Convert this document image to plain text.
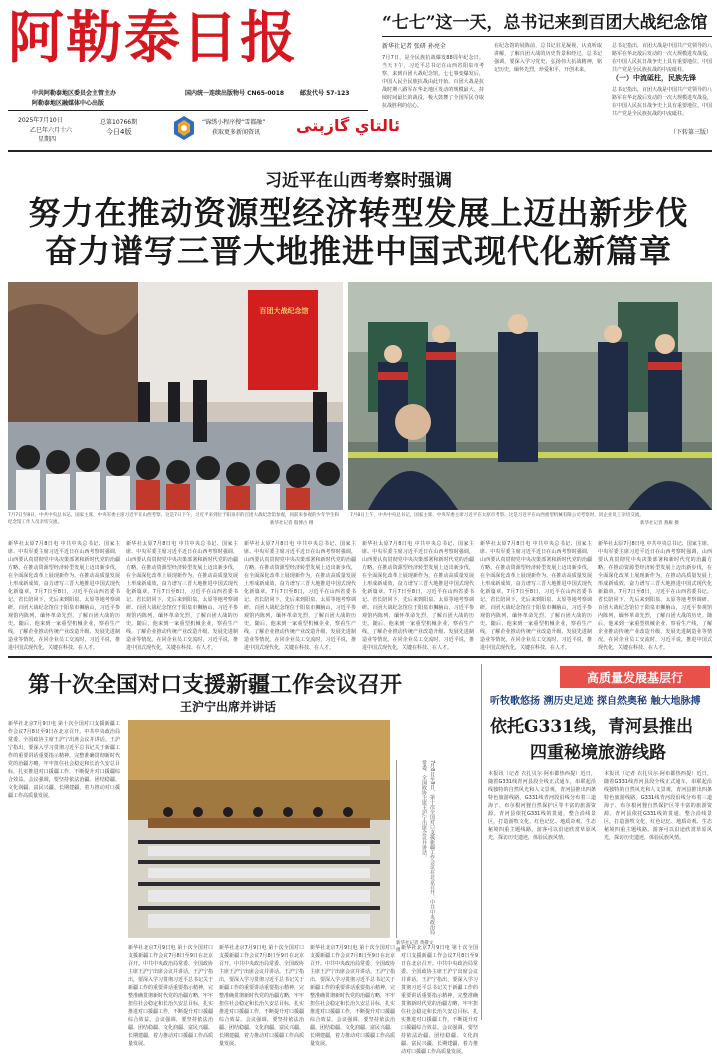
阿勒泰日报
中共阿勒泰地区委员会主管主办
阿勒泰地区融媒体中心出版
国内统一连续出版物号 CN65-0018	邮发代号 57-123
2025年7月10日
乙巳年六月十六
星期四
总第10766期
今日4版
“锦绣小程序搜“雪都融”
获取更多新闻资讯 ئالتاي گازېتى
“七七”这一天，总书记来到百团大战纪念馆
新华社记者 张研 孙亮全
7月7日，是全民族抗战爆发88周年纪念日。当天下午，习近平总书记在山西省阳泉市考察，来到百团大战纪念馆。七七事变爆发后，中国人民全民族抗战由此开始。百团大战是抗战时期八路军在华北地区发动的规模最大、持续时间最长的战役，极大鼓舞了全国军民夺取抗战胜利的信心。
在纪念馆的展陈前，总书记驻足凝视，认真听取讲解，了解百团大战的历史背景和经过。总书记强调，要深入学习党史，弘扬伟大抗战精神，铭记历史，缅怀先烈，珍爱和平，开创未来。
（一）中流砥柱，民族先锋
总书记指出，百团大战是中国共产党领导的八路军在华北敌后发动的一次大规模进攻战役，在中国人民抗日战争史上具有重要地位。中国共产党是全民族抗战的中流砥柱。
总书记指出，百团大战是中国共产党领导的八路军在华北敌后发动的一次大规模进攻战役，在中国人民抗日战争史上具有重要地位。中国共产党是全民族抗战的中流砥柱。
（下转第三版）
习近平在山西考察时强调
努力在推动资源型经济转型发展上迈出新步伐
奋力谱写三晋大地推进中国式现代化新篇章
百团大战纪念馆
7月7日至8日，中共中央总书记、国家主席、中央军委主席习近平在山西考察。这是7日下午，习近平来到位于阳泉市的百团大战纪念馆参观，同前来参观的少年学生和纪念馆工作人员亲切交流。	新华社记者 殷博古 摄
7月8日上午，中共中央总书记、国家主席、中央军委主席习近平在太原市考察。这是习近平在山西重型机械有限公司考察时，同企业员工亲切交流。
新华社记者 燕雁 摄
新华社太原7月8日电 中共中央总书记、国家主席、中央军委主席习近平近日在山西考察时强调，山西要认真贯彻党中央决策部署和新时代党的治疆方略，在推动资源型经济转型发展上迈出新步伐，在全面深化改革上展现新作为，在推动高质量发展上形成新成效，奋力谱写三晋大地推进中国式现代化新篇章。7月7日至8日，习近平在山西省委书记、省长陪同下，先后来到阳泉、太原等地考察调研。百团大战纪念馆位于阳泉市狮脑山，习近平参观馆内陈列，缅怀革命先烈，了解百团大战的历史。随后，他来到一家重型机械企业，察看生产线，了解企业推动传统产业改造升级、发展先进制造业等情况。在同企业员工交流时，习近平说，推进中国式现代化，关键在科技、在人才。
新华社太原7月8日电 中共中央总书记、国家主席、中央军委主席习近平近日在山西考察时强调，山西要认真贯彻党中央决策部署和新时代党的治疆方略，在推动资源型经济转型发展上迈出新步伐，在全面深化改革上展现新作为，在推动高质量发展上形成新成效，奋力谱写三晋大地推进中国式现代化新篇章。7月7日至8日，习近平在山西省委书记、省长陪同下，先后来到阳泉、太原等地考察调研。百团大战纪念馆位于阳泉市狮脑山，习近平参观馆内陈列，缅怀革命先烈，了解百团大战的历史。随后，他来到一家重型机械企业，察看生产线，了解企业推动传统产业改造升级、发展先进制造业等情况。在同企业员工交流时，习近平说，推进中国式现代化，关键在科技、在人才。
新华社太原7月8日电 中共中央总书记、国家主席、中央军委主席习近平近日在山西考察时强调，山西要认真贯彻党中央决策部署和新时代党的治疆方略，在推动资源型经济转型发展上迈出新步伐，在全面深化改革上展现新作为，在推动高质量发展上形成新成效，奋力谱写三晋大地推进中国式现代化新篇章。7月7日至8日，习近平在山西省委书记、省长陪同下，先后来到阳泉、太原等地考察调研。百团大战纪念馆位于阳泉市狮脑山，习近平参观馆内陈列，缅怀革命先烈，了解百团大战的历史。随后，他来到一家重型机械企业，察看生产线，了解企业推动传统产业改造升级、发展先进制造业等情况。在同企业员工交流时，习近平说，推进中国式现代化，关键在科技、在人才。
新华社太原7月8日电 中共中央总书记、国家主席、中央军委主席习近平近日在山西考察时强调，山西要认真贯彻党中央决策部署和新时代党的治疆方略，在推动资源型经济转型发展上迈出新步伐，在全面深化改革上展现新作为，在推动高质量发展上形成新成效，奋力谱写三晋大地推进中国式现代化新篇章。7月7日至8日，习近平在山西省委书记、省长陪同下，先后来到阳泉、太原等地考察调研。百团大战纪念馆位于阳泉市狮脑山，习近平参观馆内陈列，缅怀革命先烈，了解百团大战的历史。随后，他来到一家重型机械企业，察看生产线，了解企业推动传统产业改造升级、发展先进制造业等情况。在同企业员工交流时，习近平说，推进中国式现代化，关键在科技、在人才。
新华社太原7月8日电 中共中央总书记、国家主席、中央军委主席习近平近日在山西考察时强调，山西要认真贯彻党中央决策部署和新时代党的治疆方略，在推动资源型经济转型发展上迈出新步伐，在全面深化改革上展现新作为，在推动高质量发展上形成新成效，奋力谱写三晋大地推进中国式现代化新篇章。7月7日至8日，习近平在山西省委书记、省长陪同下，先后来到阳泉、太原等地考察调研。百团大战纪念馆位于阳泉市狮脑山，习近平参观馆内陈列，缅怀革命先烈，了解百团大战的历史。随后，他来到一家重型机械企业，察看生产线，了解企业推动传统产业改造升级、发展先进制造业等情况。在同企业员工交流时，习近平说，推进中国式现代化，关键在科技、在人才。
新华社太原7月8日电 中共中央总书记、国家主席、中央军委主席习近平近日在山西考察时强调，山西要认真贯彻党中央决策部署和新时代党的治疆方略，在推动资源型经济转型发展上迈出新步伐，在全面深化改革上展现新作为，在推动高质量发展上形成新成效，奋力谱写三晋大地推进中国式现代化新篇章。7月7日至8日，习近平在山西省委书记、省长陪同下，先后来到阳泉、太原等地考察调研。百团大战纪念馆位于阳泉市狮脑山，习近平参观馆内陈列，缅怀革命先烈，了解百团大战的历史。随后，他来到一家重型机械企业，察看生产线，了解企业推动传统产业改造升级、发展先进制造业等情况。在同企业员工交流时，习近平说，推进中国式现代化，关键在科技、在人才。
第十次全国对口支援新疆工作会议召开
王沪宁出席并讲话
新华社北京7月9日电 第十次全国对口支援新疆工作会议7月8日至9日在北京召开。中共中央政治局常委、全国政协主席王沪宁出席会议并讲话。王沪宁指出，要深入学习贯彻习近平总书记关于新疆工作的重要讲话重要指示精神，完整准确贯彻新时代党的治疆方略，牢牢扭住社会稳定和长治久安总目标，扎实推进对口援疆工作，不断提升对口援疆综合效益。会议强调，要坚持依法治疆、团结稳疆、文化润疆、富民兴疆、长期建疆，着力推动对口援疆工作高质量发展。	7月8日至9日，第十次全国对口支援新疆工作会议在北京召开。中共中央政治局常委、全国政协主席王沪宁出席会议并讲话。
新华社记者 黄敬文 摄
新华社北京7月9日电 第十次全国对口支援新疆工作会议7月8日至9日在北京召开。中共中央政治局常委、全国政协主席王沪宁出席会议并讲话。王沪宁指出，要深入学习贯彻习近平总书记关于新疆工作的重要讲话重要指示精神，完整准确贯彻新时代党的治疆方略，牢牢扭住社会稳定和长治久安总目标，扎实推进对口援疆工作，不断提升对口援疆综合效益。会议强调，要坚持依法治疆、团结稳疆、文化润疆、富民兴疆、长期建疆，着力推动对口援疆工作高质量发展。
新华社北京7月9日电 第十次全国对口支援新疆工作会议7月8日至9日在北京召开。中共中央政治局常委、全国政协主席王沪宁出席会议并讲话。王沪宁指出，要深入学习贯彻习近平总书记关于新疆工作的重要讲话重要指示精神，完整准确贯彻新时代党的治疆方略，牢牢扭住社会稳定和长治久安总目标，扎实推进对口援疆工作，不断提升对口援疆综合效益。会议强调，要坚持依法治疆、团结稳疆、文化润疆、富民兴疆、长期建疆，着力推动对口援疆工作高质量发展。
新华社北京7月9日电 第十次全国对口支援新疆工作会议7月8日至9日在北京召开。中共中央政治局常委、全国政协主席王沪宁出席会议并讲话。王沪宁指出，要深入学习贯彻习近平总书记关于新疆工作的重要讲话重要指示精神，完整准确贯彻新时代党的治疆方略，牢牢扭住社会稳定和长治久安总目标，扎实推进对口援疆工作，不断提升对口援疆综合效益。会议强调，要坚持依法治疆、团结稳疆、文化润疆、富民兴疆、长期建疆，着力推动对口援疆工作高质量发展。
新华社北京7月9日电 第十次全国对口支援新疆工作会议7月8日至9日在北京召开。中共中央政治局常委、全国政协主席王沪宁出席会议并讲话。王沪宁指出，要深入学习贯彻习近平总书记关于新疆工作的重要讲话重要指示精神，完整准确贯彻新时代党的治疆方略，牢牢扭住社会稳定和长治久安总目标，扎实推进对口援疆工作，不断提升对口援疆综合效益。会议强调，要坚持依法治疆、团结稳疆、文化润疆、富民兴疆、长期建疆，着力推动对口援疆工作高质量发展。
高质量发展基层行
听牧歌悠扬 溯历史足迹 探自然奥秘 触大地脉搏
依托G331线，青河县推出
四重秘境旅游线路
本报讯（记者 衣扎贝尔·阿布都热西提）近日，随着G331线青河县段全线正式通车，串联起沿线独特的自然风光和人文景观，青河县推出四条特色旅游线路。G331线青河段沿线分布着三道海子、布尔根河狸自然保护区等丰富的旅游资源。青河县依托G331线的贯通，整合沿线景区，打造游牧文化、红色记忆、地质奇观、生态秘境四重主题线路。游客可以沿途欣赏草原风光，探访历史遗迹，体验民族风情。
本报讯（记者 衣扎贝尔·阿布都热西提）近日，随着G331线青河县段全线正式通车，串联起沿线独特的自然风光和人文景观，青河县推出四条特色旅游线路。G331线青河段沿线分布着三道海子、布尔根河狸自然保护区等丰富的旅游资源。青河县依托G331线的贯通，整合沿线景区，打造游牧文化、红色记忆、地质奇观、生态秘境四重主题线路。游客可以沿途欣赏草原风光，探访历史遗迹，体验民族风情。
